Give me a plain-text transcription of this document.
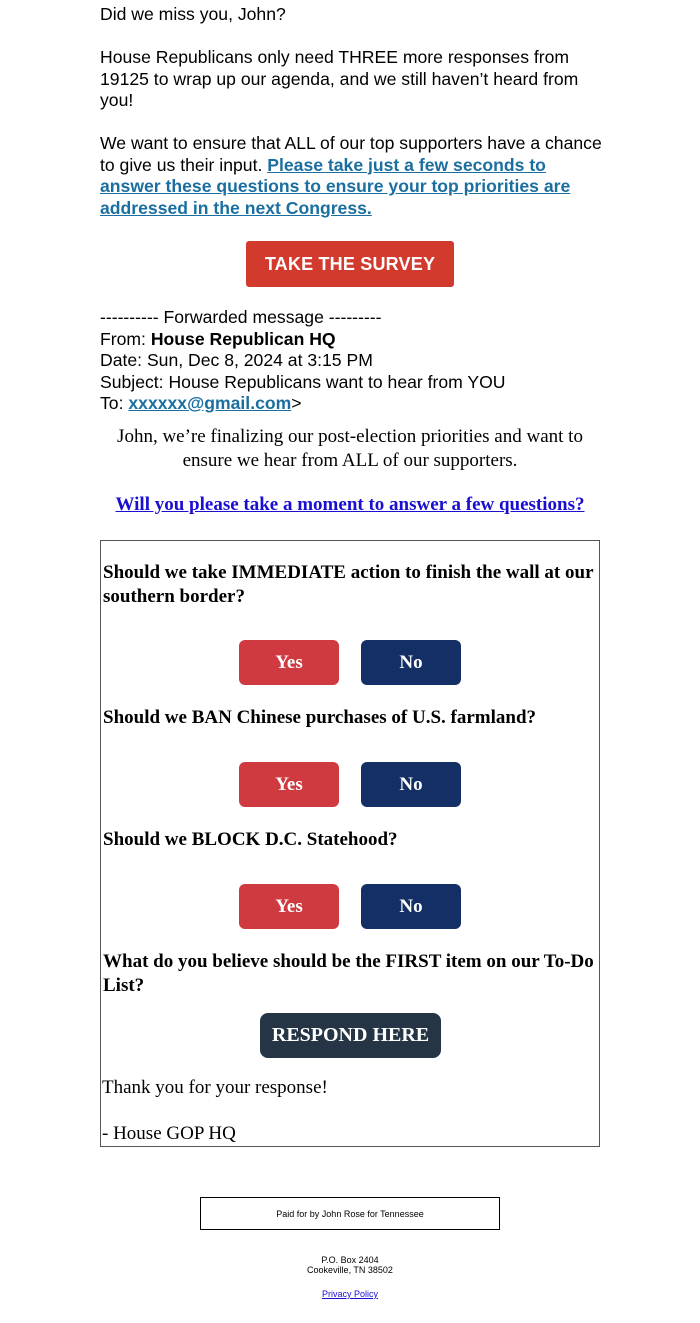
Did we miss you, John?

House Republicans only need THREE more responses from 19125 to wrap up our agenda, and we still haven’t heard from you!

We want to ensure that ALL of our top supporters have a chance to give us their input. Please take just a few seconds to answer these questions to ensure your top priorities are addressed in the next Congress.

TAKE THE SURVEY
---------- Forwarded message ---------
From: House Republican HQ
Date: Sun, Dec 8, 2024 at 3:15 PM
Subject: House Republicans want to hear from YOU
To: xxxxxx@gmail.com>
John, we’re finalizing our post-election priorities and want to ensure we hear from ALL of our supporters.
Will you please take a moment to answer a few questions?
Should we take IMMEDIATE action to finish the wall at our southern border?
Yes	No
Should we BAN Chinese purchases of U.S. farmland?
Yes	No
Should we BLOCK D.C. Statehood?
Yes	No
What do you believe should be the FIRST item on our To-Do List?
RESPOND HERE
Thank you for your response!
- House GOP HQ
Paid for by John Rose for Tennessee
P.O. Box 2404
Cookeville, TN 38502
Privacy Policy
